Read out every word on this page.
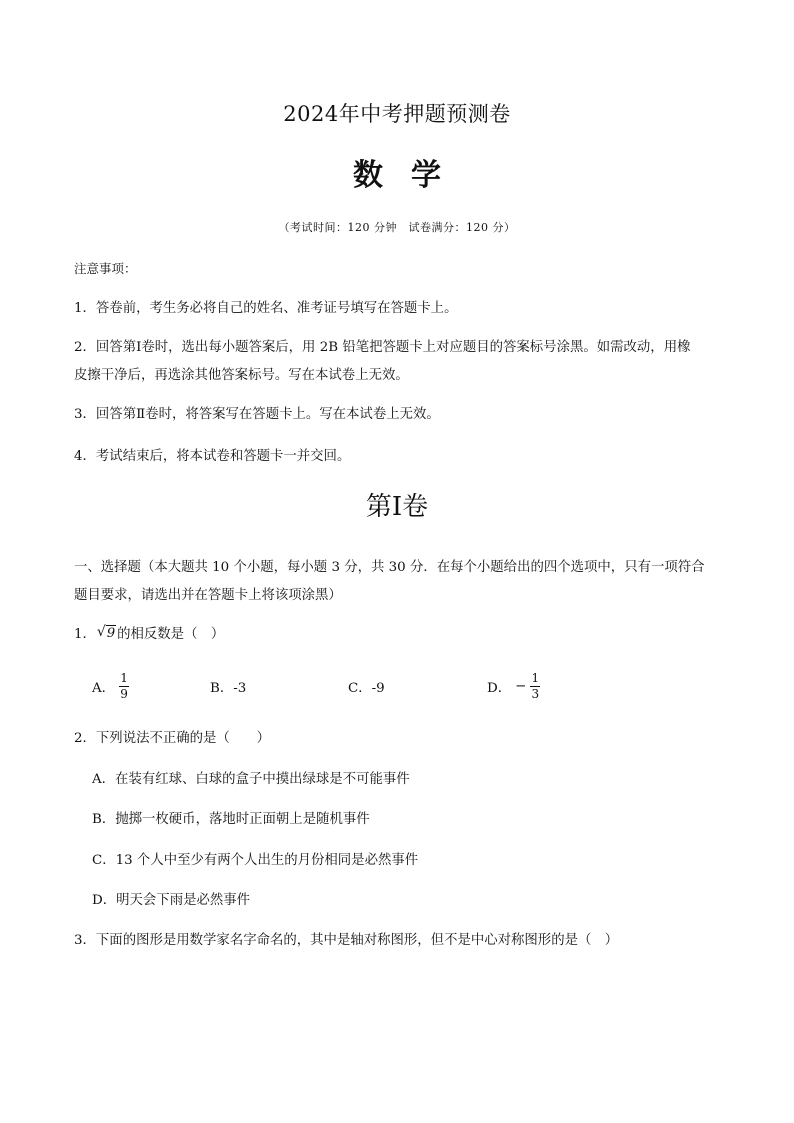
2024年中考押题预测卷
数学
（考试时间：120 分钟　试卷满分：120 分）
注意事项：
1．答卷前，考生务必将自己的姓名、准考证号填写在答题卡上。
2．回答第Ⅰ卷时，选出每小题答案后，用 2B 铅笔把答题卡上对应题目的答案标号涂黑。如需改动，用橡
皮擦干净后，再选涂其他答案标号。写在本试卷上无效。
3．回答第Ⅱ卷时，将答案写在答题卡上。写在本试卷上无效。
4．考试结束后，将本试卷和答题卡一并交回。
第Ⅰ卷
一、选择题（本大题共 10 个小题，每小题 3 分，共 30 分．在每个小题给出的四个选项中，只有一项符合
题目要求，请选出并在答题卡上将该项涂黑）
1． √ 9 的相反数是（　）
A． $\frac{1}{9}$	B．-3	C．-9	D． − $\frac{1}{3}$
2．下列说法不正确的是（　　）
A．在装有红球、白球的盒子中摸出绿球是不可能事件
B．抛掷一枚硬币，落地时正面朝上是随机事件
C．13 个人中至少有两个人出生的月份相同是必然事件
D．明天会下雨是必然事件
3．下面的图形是用数学家名字命名的，其中是轴对称图形，但不是中心对称图形的是（　）
